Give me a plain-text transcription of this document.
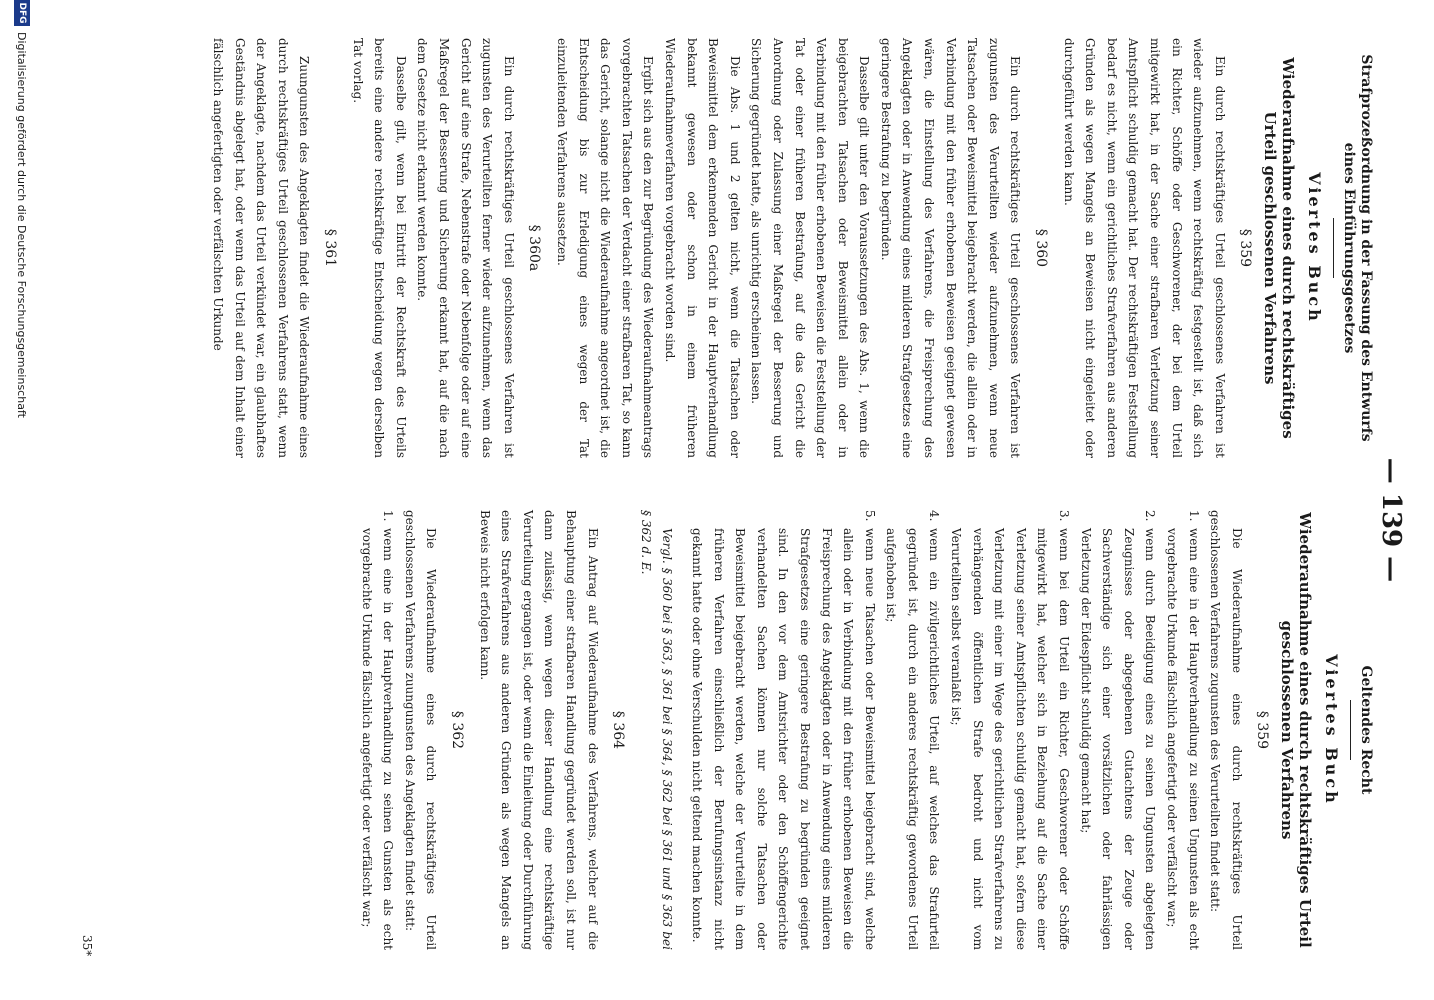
— 139 —
Strafprozeßordnung in der Fassung des Entwurfs eines Einführungsgesetzes
Viertes Buch
Wiederaufnahme eines durch rechtskräftiges Urteil geschlossenen Verfahrens
§ 359

Ein durch rechtskräftiges Urteil geschlossenes Verfahren ist wieder aufzunehmen, wenn rechtskräftig festgestellt ist, daß sich ein Richter, Schöffe oder Geschworener, der bei dem Urteil mitgewirkt hat, in der Sache einer strafbaren Verletzung seiner Amtspflicht schuldig gemacht hat. Der rechtskräftigen Feststellung bedarf es nicht, wenn ein gerichtliches Strafverfahren aus anderen Gründen als wegen Mangels an Beweisen nicht eingeleitet oder durchgeführt werden kann.

§ 360

Ein durch rechtskräftiges Urteil geschlossenes Verfahren ist zugunsten des Verurteilten wieder aufzunehmen, wenn neue Tatsachen oder Beweismittel beigebracht werden, die allein oder in Verbindung mit den früher erhobenen Beweisen geeignet gewesen wären, die Einstellung des Verfahrens, die Freisprechung des Angeklagten oder in Anwendung eines milderen Strafgesetzes eine geringere Bestrafung zu begründen.

Dasselbe gilt unter den Voraussetzungen des Abs. 1, wenn die beigebrachten Tatsachen oder Beweismittel allein oder in Verbindung mit den früher erhobenen Beweisen die Feststellung der Tat oder einer früheren Bestrafung, auf die das Gericht die Anordnung oder Zulassung einer Maßregel der Besserung und Sicherung gegründet hatte, als unrichtig erscheinen lassen.

Die Abs. 1 und 2 gelten nicht, wenn die Tatsachen oder Beweismittel dem erkennenden Gericht in der Hauptverhandlung bekannt gewesen oder schon in einem früheren Wiederaufnahmeverfahren vorgebracht worden sind.

Ergibt sich aus den zur Begründung des Wiederaufnahmeantrags vorgebrachten Tatsachen der Verdacht einer strafbaren Tat, so kann das Gericht, solange nicht die Wiederaufnahme angeordnet ist, die Entscheidung bis zur Erledigung eines wegen der Tat einzuleitenden Verfahrens aussetzen.

§ 360a

Ein durch rechtskräftiges Urteil geschlossenes Verfahren ist zugunsten des Verurteilten ferner wieder aufzunehmen, wenn das Gericht auf eine Strafe, Nebenstrafe oder Nebenfolge oder auf eine Maßregel der Besserung und Sicherung erkannt hat, auf die nach dem Gesetze nicht erkannt werden konnte.

Dasselbe gilt, wenn bei Eintritt der Rechtskraft des Urteils bereits eine andere rechtskräftige Entscheidung wegen derselben Tat vorlag.

§ 361

Zuungunsten des Angeklagten findet die Wiederaufnahme eines durch rechtskräftiges Urteil geschlossenen Verfahrens statt, wenn der Angeklagte, nachdem das Urteil verkündet war, ein glaubhaftes Geständnis abgelegt hat, oder wenn das Urteil auf dem Inhalt einer fälschlich angefertigten oder verfälschten Urkunde

Geltendes Recht
Viertes Buch
Wiederaufnahme eines durch rechtskräftiges Urteil geschlossenen Verfahrens
§ 359

Die Wiederaufnahme eines durch rechtskräftiges Urteil geschlossenen Verfahrens zugunsten des Verurteilten findet statt:

1.
wenn eine in der Hauptverhandlung zu seinen Ungunsten als echt vorgebrachte Urkunde fälschlich angefertigt oder verfälscht war;
2.
wenn durch Beeidigung eines zu seinen Ungunsten abgelegten Zeugnisses oder abgegebenen Gutachtens der Zeuge oder Sachverständige sich einer vorsätzlichen oder fahrlässigen Verletzung der Eidespflicht schuldig gemacht hat;
3.
wenn bei dem Urteil ein Richter, Geschworener oder Schöffe mitgewirkt hat, welcher sich in Beziehung auf die Sache einer Verletzung seiner Amtspflichten schuldig gemacht hat, sofern diese Verletzung mit einer im Wege des gerichtlichen Strafverfahrens zu verhängenden öffentlichen Strafe bedroht und nicht vom Verurteilten selbst veranlaßt ist;
4.
wenn ein zivilgerichtliches Urteil, auf welches das Strafurteil gegründet ist, durch ein anderes rechtskräftig gewordenes Urteil aufgehoben ist;
5.
wenn neue Tatsachen oder Beweismittel beigebracht sind, welche allein oder in Verbindung mit den früher erhobenen Beweisen die Freisprechung des Angeklagten oder in Anwendung eines milderen Strafgesetzes eine geringere Bestrafung zu begründen geeignet sind. In den vor dem Amtsrichter oder den Schöffengerichte verhandelten Sachen können nur solche Tatsachen oder Beweismittel beigebracht werden, welche der Verurteilte in dem früheren Verfahren einschließlich der Berufungsinstanz nicht gekannt hatte oder ohne Verschulden nicht geltend machen konnte.

Vergl. § 360 bei § 363, § 361 bei § 364, § 362 bei § 361 und § 363 bei § 362 d. E.

§ 364

Ein Antrag auf Wiederaufnahme des Verfahrens, welcher auf die Behauptung einer strafbaren Handlung gegründet werden soll, ist nur dann zulässig, wenn wegen dieser Handlung eine rechtskräftige Verurteilung ergangen ist, oder wenn die Einleitung oder Durchführung eines Strafverfahrens aus anderen Gründen als wegen Mangels an Beweis nicht erfolgen kann.

§ 362

Die Wiederaufnahme eines durch rechtskräftiges Urteil geschlossenen Verfahrens zuungunsten des Angeklagten findet statt:

1.
wenn eine in der Hauptverhandlung zu seinen Gunsten als echt vorgebrachte Urkunde fälschlich angefertigt oder verfälscht war;
35*
DFG
Digitalisierung gefördert durch die Deutsche Forschungsgemeinschaft
